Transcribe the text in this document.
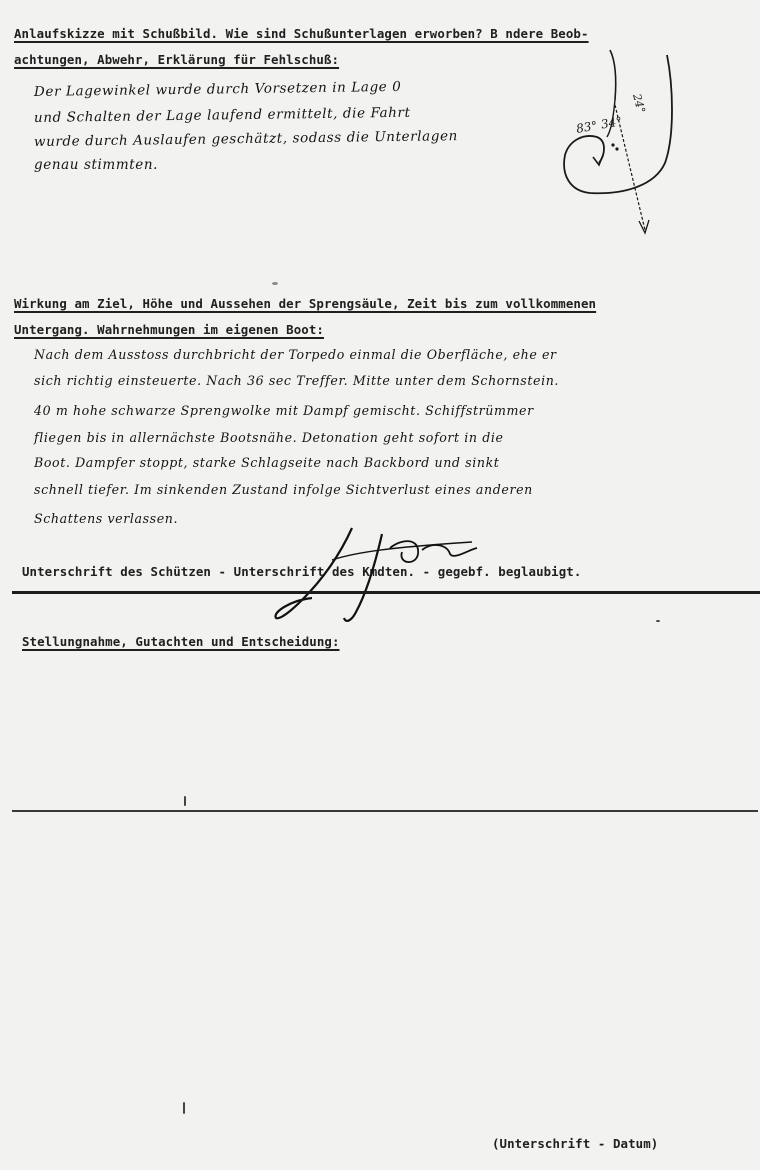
Anlaufskizze mit Schußbild. Wie sind Schußunterlagen erworben? B ndere Beob-
achtungen, Abwehr, Erklärung für Fehlschuß:
Der Lagewinkel wurde durch Vorsetzen in Lage 0
und Schalten der Lage laufend ermittelt, die Fahrt
wurde durch Auslaufen geschätzt, sodass die Unterlagen
genau stimmten.
83° 34°
24°
Wirkung am Ziel, Höhe und Aussehen der Sprengsäule, Zeit bis zum vollkommenen
Untergang. Wahrnehmungen im eigenen Boot:
Nach dem Ausstoss durchbricht der Torpedo einmal die Oberfläche, ehe er
sich richtig einsteuerte. Nach 36 sec Treffer. Mitte unter dem Schornstein.
40 m hohe schwarze Sprengwolke mit Dampf gemischt. Schiffstrümmer
fliegen bis in allernächste Bootsnähe. Detonation geht sofort in die
Boot. Dampfer stoppt, starke Schlagseite nach Backbord und sinkt
schnell tiefer. Im sinkenden Zustand infolge Sichtverlust eines anderen
Schattens verlassen.
Unterschrift des Schützen - Unterschrift des Kmdten. - gegebf. beglaubigt.
Schepke
Stellungnahme, Gutachten und Entscheidung:
(Unterschrift - Datum)
